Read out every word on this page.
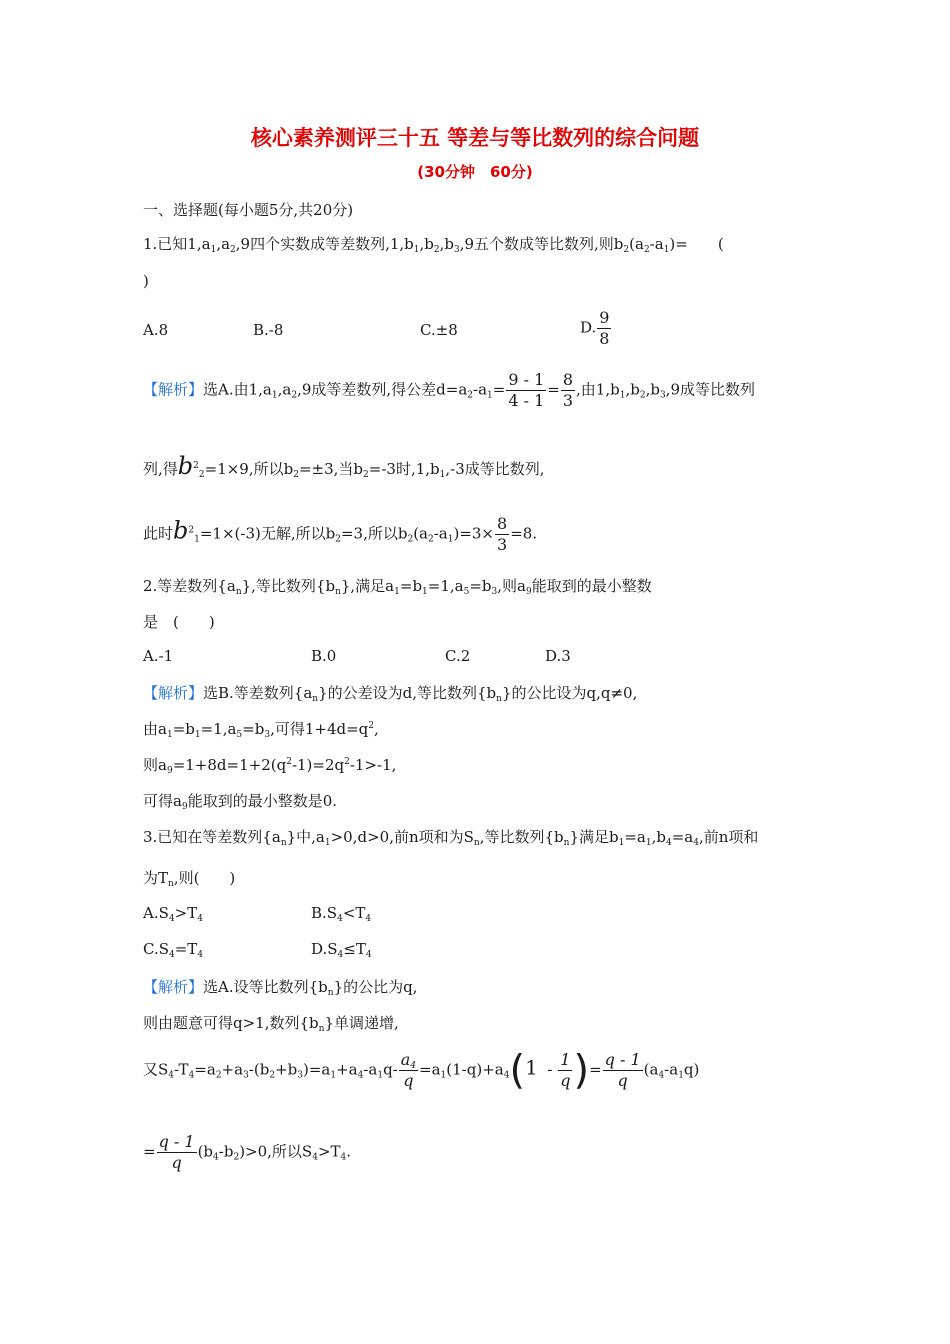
核心素养测评三十五 等差与等比数列的综合问题
(30分钟　60分)
一、选择题(每小题5分,共20分)
1.已知$1,a_1,a_2,9$四个实数成等差数列$,1,b_1,b_2,b_3,9$五个数成等比数列,则$b_2(a_2-a_1)=$　　(
)
A.8	B.-8	C.±8	D. $\frac{9}{8}$
【解析】选A.由$1,a_1,a_2,9$成等差数列,得公差$d=a_2-a_1= \frac{9 - 1}{4 - 1} = \frac{8}{3}$ ,由$1,b_1,b_2,b_3,9$成等比数列
列,得$b^2_2=1\times 9$,所以$b_2=\pm 3$,当$b_2=-3$时$,1,b_1,-3$成等比数列,
此时$b^2_1=1\times(-3)$无解,所以$b_2=3$,所以$b_2(a_2-a_1)=3\times \frac{8}{3} =8$.
2.等差数列$\{a_n\}$,等比数列$\{b_n\}$,满足$a_1=b_1=1,a_5=b_3$,则$a_9$能取到的最小整数
是　(　　)
A.-1	B.0	C.2	D.3
【解析】选B.等差数列$\{a_n\}$的公差设为d,等比数列$\{b_n\}$的公比设为q,q≠0,
由$a_1=b_1=1,a_5=b_3$,可得$1+4d=q^2$,
则$a_9=1+8d=1+2(q^2-1)=2q^2-1>-1$,
可得$a_9$能取到的最小整数是0.
3.已知在等差数列$\{a_n\}$中$,a_1>0,d>0$,前n项和为$S_n$,等比数列$\{b_n\}$满足$b_1=a_1,b_4=a_4$,前n项和
为$T_n$,则(　　)
$A.S_4>T_4$	$B.S_4<T_4$
$C.S_4=T_4$	$D.S_4\le T_4$
【解析】选A.设等比数列$\{b_n\}$的公比为q,
则由题意可得q>1,数列$\{b_n\}$单调递增,
又$S_4-T_4=a_2+a_3-(b_2+b_3)=a_1+a_4-a_1q- \frac{a_4}{q} =a_1(1-q)+a_4(1 - \frac{1}{q}$ )= $\frac{q - 1}{q} (a_4-a_1q)$
= $\frac{q - 1}{q} (b_4-b_2)>0$,所以$S_4>T_4$.
